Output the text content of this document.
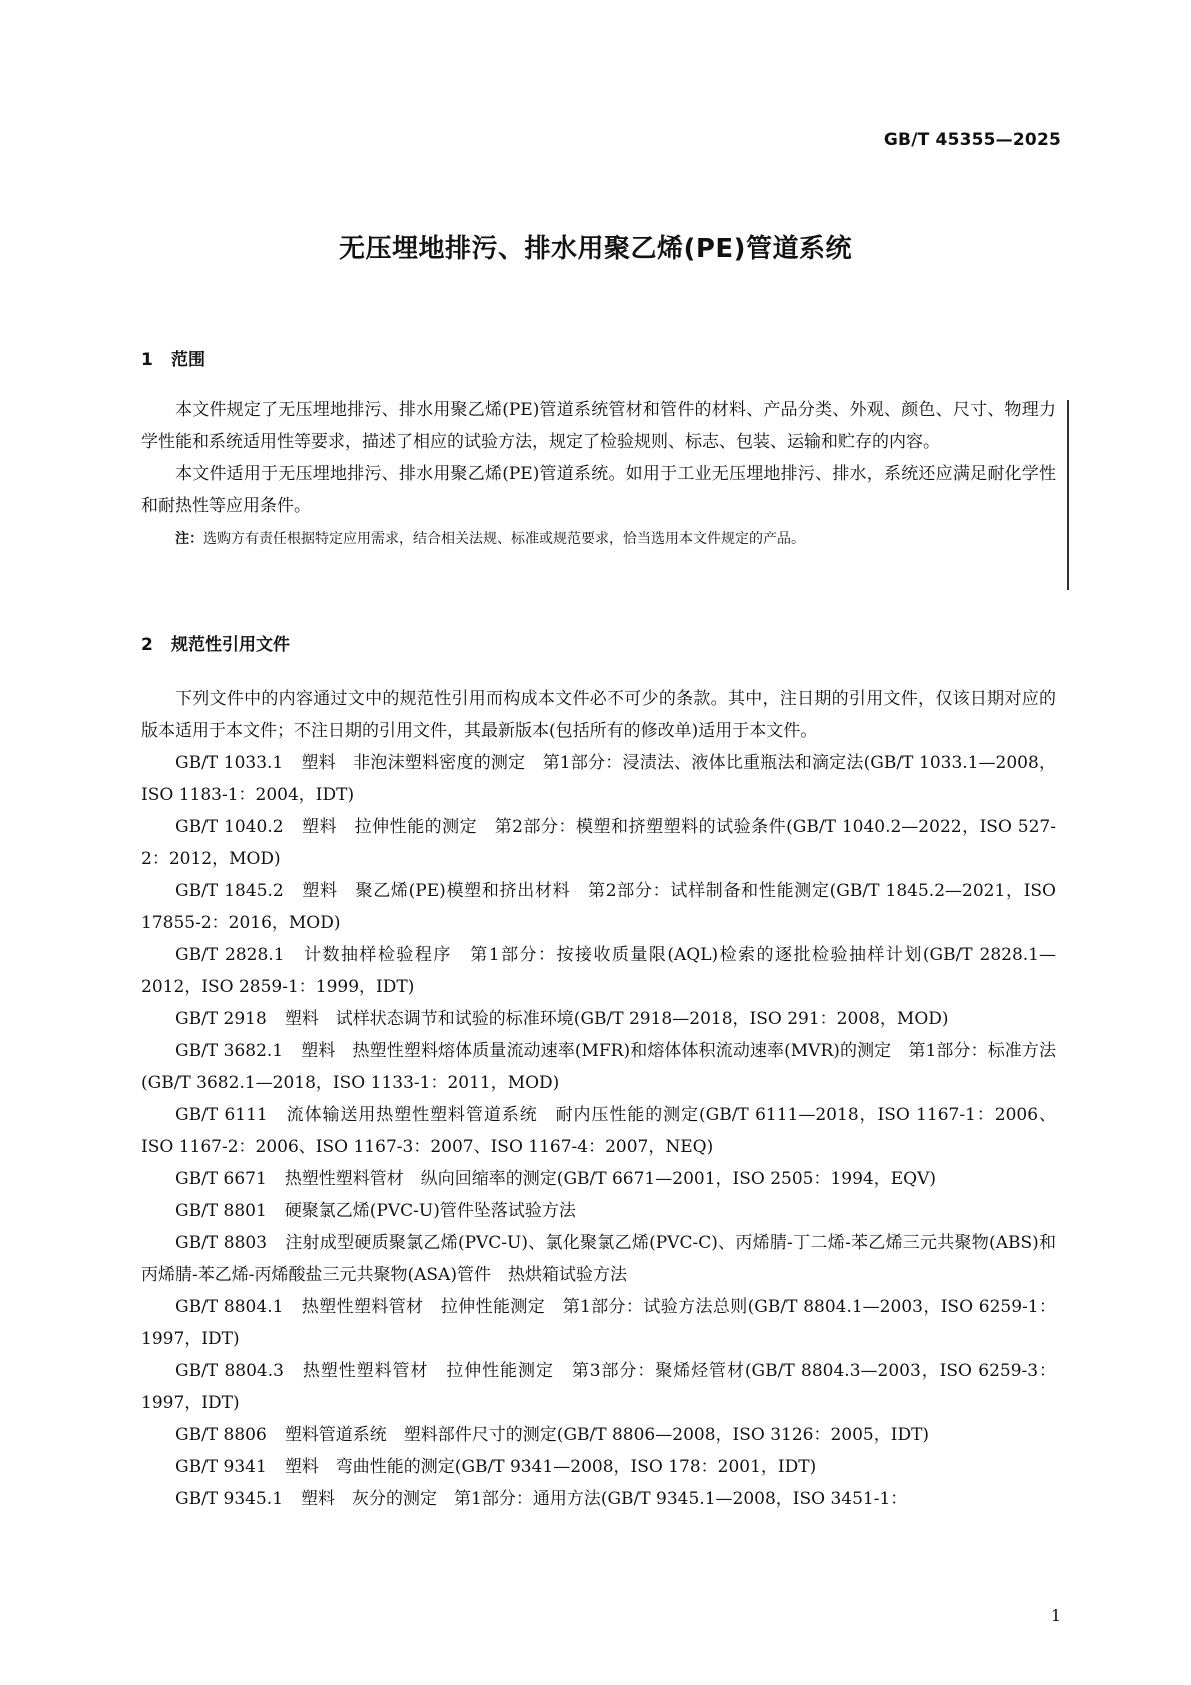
GB/T 45355—2025
无压埋地排污、排水用聚乙烯(PE)管道系统
1 范围

本文件规定了无压埋地排污、排水用聚乙烯(PE)管道系统管材和管件的材料、产品分类、外观、颜色、尺寸、物理力学性能和系统适用性等要求，描述了相应的试验方法，规定了检验规则、标志、包装、运输和贮存的内容。

本文件适用于无压埋地排污、排水用聚乙烯(PE)管道系统。如用于工业无压埋地排污、排水，系统还应满足耐化学性和耐热性等应用条件。

注：选购方有责任根据特定应用需求，结合相关法规、标准或规范要求，恰当选用本文件规定的产品。
2 规范性引用文件

下列文件中的内容通过文中的规范性引用而构成本文件必不可少的条款。其中，注日期的引用文件，仅该日期对应的版本适用于本文件；不注日期的引用文件，其最新版本(包括所有的修改单)适用于本文件。

GB/T 1033.1 塑料　非泡沫塑料密度的测定　第1部分：浸渍法、液体比重瓶法和滴定法(GB/T 1033.1—2008，ISO 1183-1：2004，IDT)

GB/T 1040.2 塑料　拉伸性能的测定　第2部分：模塑和挤塑塑料的试验条件(GB/T 1040.2—2022，ISO 527-2：2012，MOD)

GB/T 1845.2 塑料　聚乙烯(PE)模塑和挤出材料　第2部分：试样制备和性能测定(GB/T 1845.2—2021，ISO 17855-2：2016，MOD)

GB/T 2828.1 计数抽样检验程序　第1部分：按接收质量限(AQL)检索的逐批检验抽样计划(GB/T 2828.1—2012，ISO 2859-1：1999，IDT)

GB/T 2918 塑料　试样状态调节和试验的标准环境(GB/T 2918—2018，ISO 291：2008，MOD)

GB/T 3682.1 塑料　热塑性塑料熔体质量流动速率(MFR)和熔体体积流动速率(MVR)的测定　第1部分：标准方法(GB/T 3682.1—2018，ISO 1133-1：2011，MOD)

GB/T 6111 流体输送用热塑性塑料管道系统　耐内压性能的测定(GB/T 6111—2018，ISO 1167-1：2006、ISO 1167-2：2006、ISO 1167-3：2007、ISO 1167-4：2007，NEQ)

GB/T 6671 热塑性塑料管材　纵向回缩率的测定(GB/T 6671—2001，ISO 2505：1994，EQV)

GB/T 8801 硬聚氯乙烯(PVC-U)管件坠落试验方法

GB/T 8803 注射成型硬质聚氯乙烯(PVC-U)、氯化聚氯乙烯(PVC-C)、丙烯腈-丁二烯-苯乙烯三元共聚物(ABS)和丙烯腈-苯乙烯-丙烯酸盐三元共聚物(ASA)管件　热烘箱试验方法

GB/T 8804.1 热塑性塑料管材　拉伸性能测定　第1部分：试验方法总则(GB/T 8804.1—2003，ISO 6259-1：1997，IDT)

GB/T 8804.3 热塑性塑料管材　拉伸性能测定　第3部分：聚烯烃管材(GB/T 8804.3—2003，ISO 6259-3：1997，IDT)

GB/T 8806 塑料管道系统　塑料部件尺寸的测定(GB/T 8806—2008，ISO 3126：2005，IDT)

GB/T 9341 塑料　弯曲性能的测定(GB/T 9341—2008，ISO 178：2001，IDT)

GB/T 9345.1 塑料　灰分的测定　第1部分：通用方法(GB/T 9345.1—2008，ISO 3451-1：

1
